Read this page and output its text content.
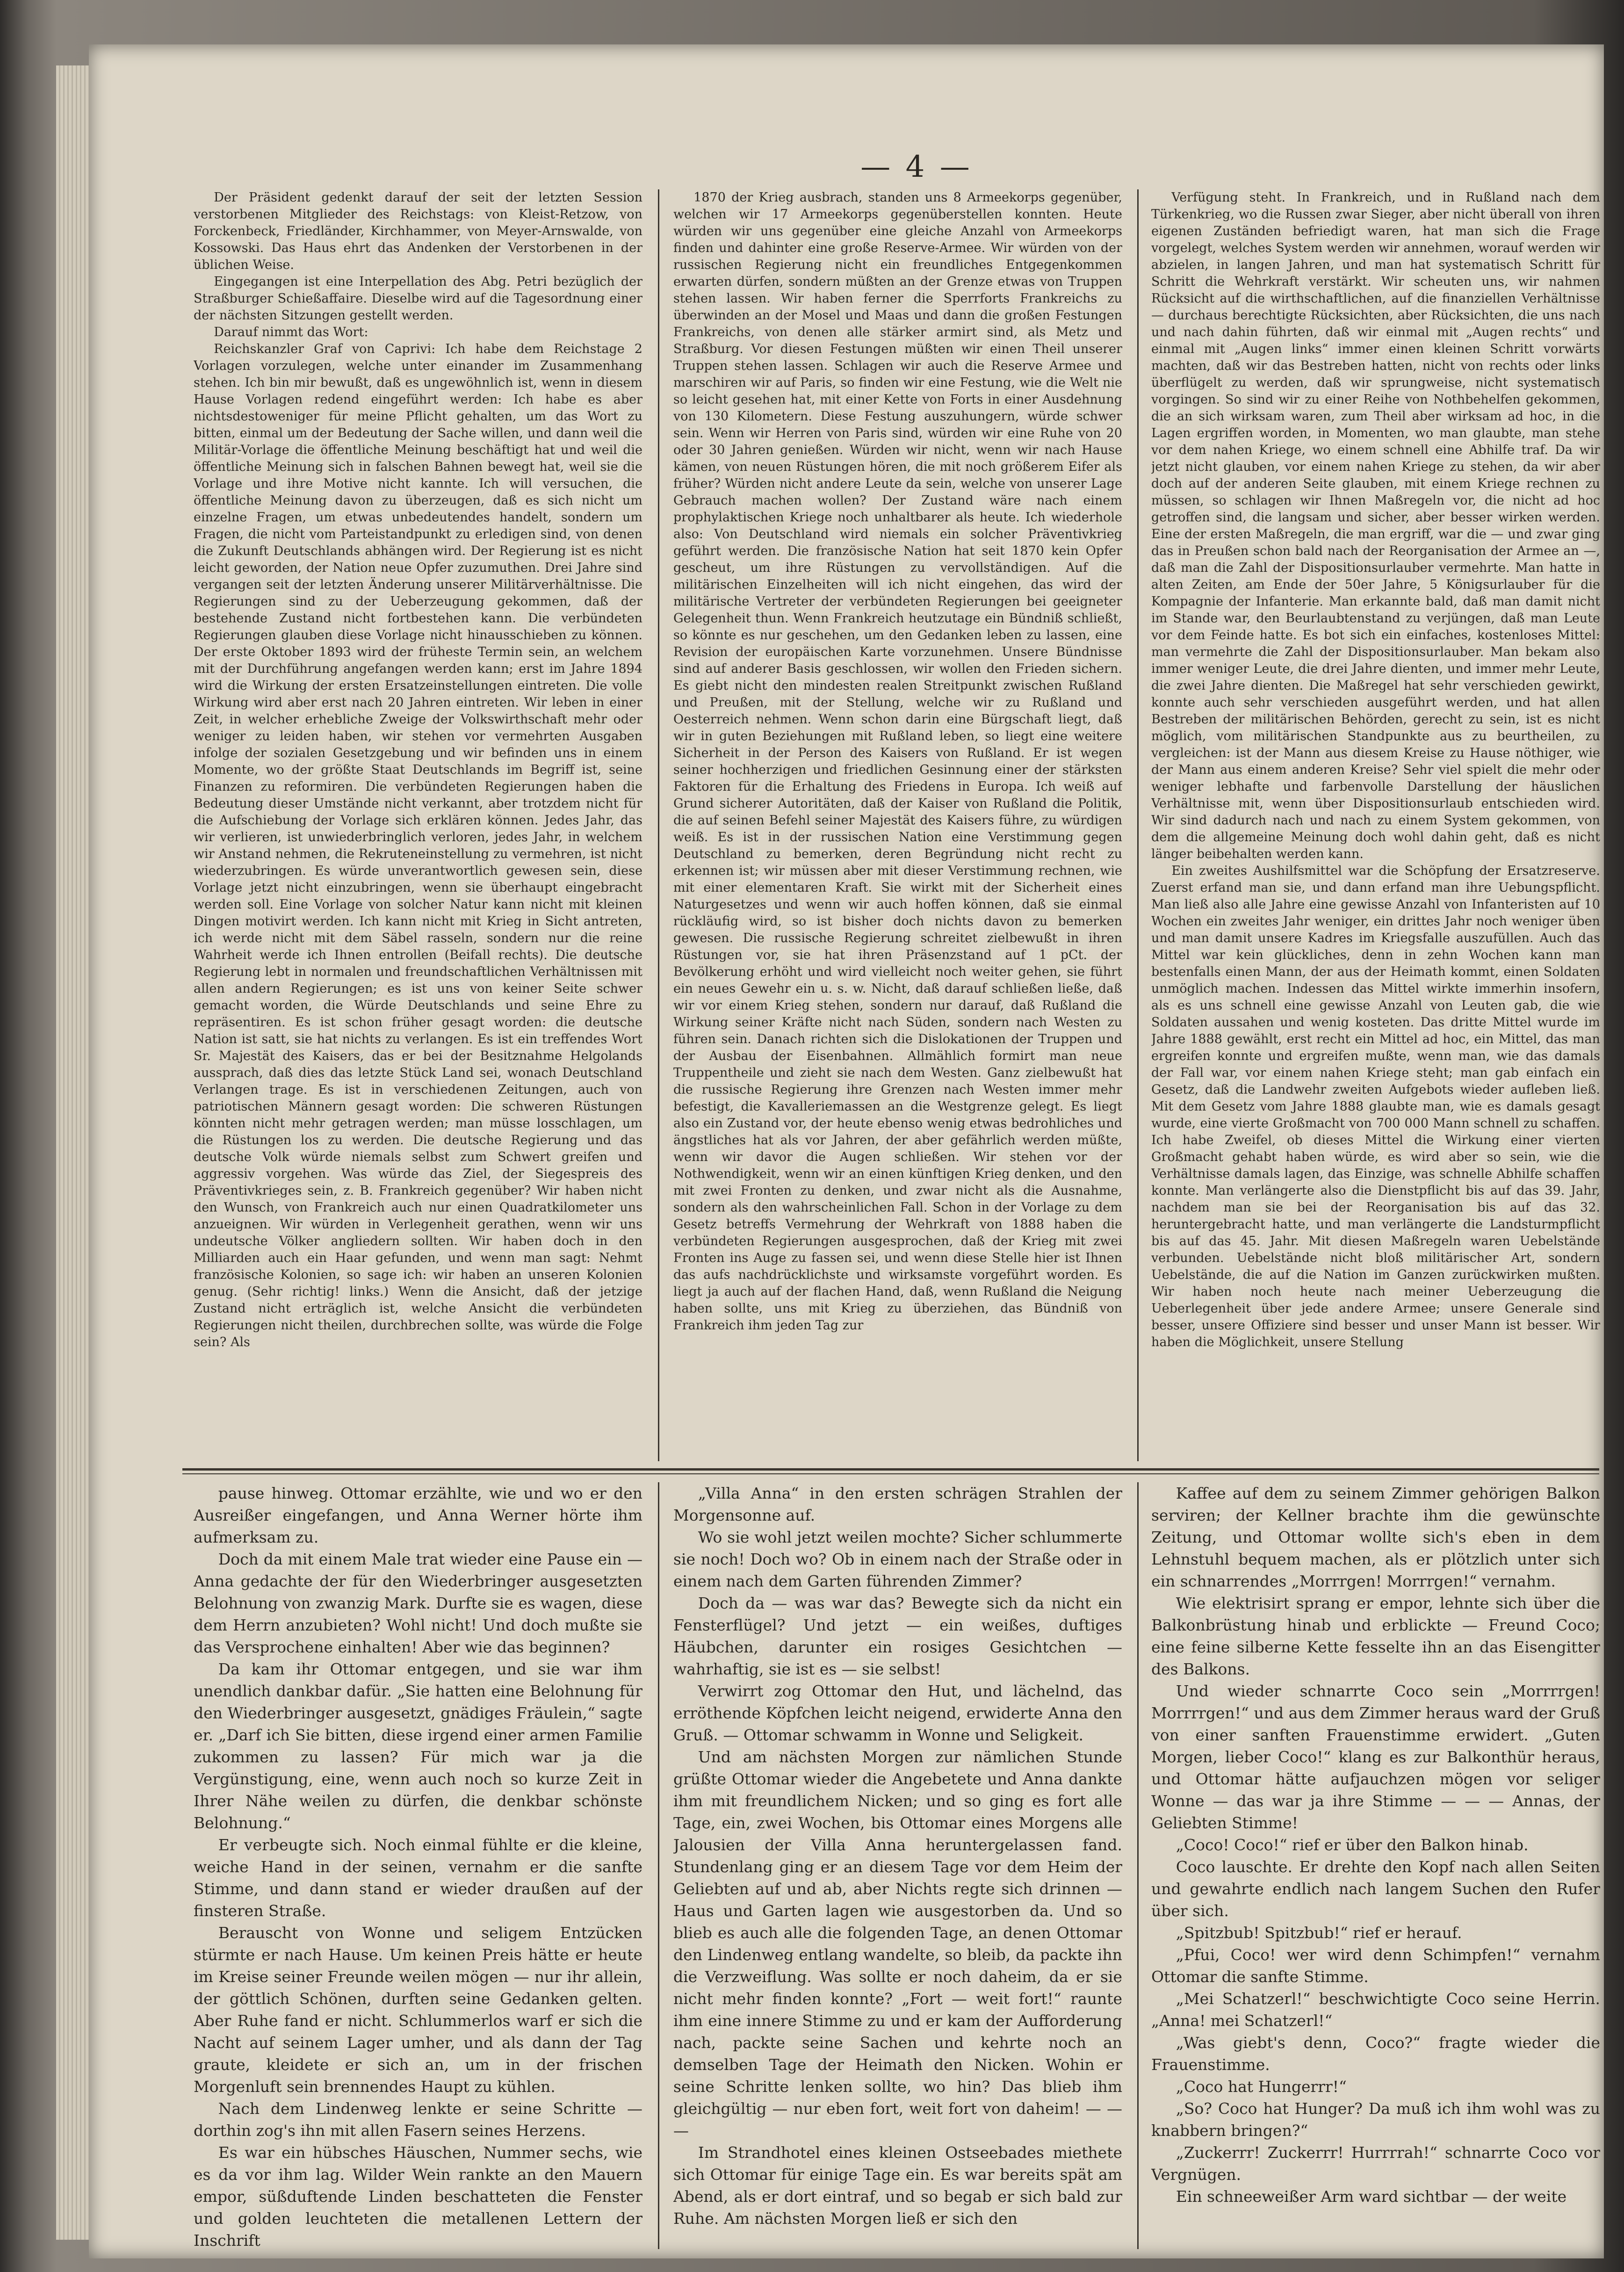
— 4 —

Der Präsident gedenkt darauf der seit der letzten Session verstorbenen Mitglieder des Reichstags: von Kleist-Retzow, von Forckenbeck, Friedländer, Kirchhammer, von Meyer-Arnswalde, von Kossowski. Das Haus ehrt das Andenken der Verstorbenen in der üblichen Weise.

Eingegangen ist eine Interpellation des Abg. Petri bezüglich der Straßburger Schießaffaire. Dieselbe wird auf die Tagesordnung einer der nächsten Sitzungen gestellt werden.

Darauf nimmt das Wort:

Reichskanzler Graf von Caprivi: Ich habe dem Reichstage 2 Vorlagen vorzulegen, welche unter einander im Zusammenhang stehen. Ich bin mir bewußt, daß es ungewöhnlich ist, wenn in diesem Hause Vorlagen redend eingeführt werden: Ich habe es aber nichtsdestoweniger für meine Pflicht gehalten, um das Wort zu bitten, einmal um der Bedeutung der Sache willen, und dann weil die Militär-Vorlage die öffentliche Meinung beschäftigt hat und weil die öffentliche Meinung sich in falschen Bahnen bewegt hat, weil sie die Vorlage und ihre Motive nicht kannte. Ich will versuchen, die öffentliche Meinung davon zu überzeugen, daß es sich nicht um einzelne Fragen, um etwas unbedeutendes handelt, sondern um Fragen, die nicht vom Parteistandpunkt zu erledigen sind, von denen die Zukunft Deutschlands abhängen wird. Der Regierung ist es nicht leicht geworden, der Nation neue Opfer zuzumuthen. Drei Jahre sind vergangen seit der letzten Änderung unserer Militärverhältnisse. Die Regierungen sind zu der Ueberzeugung gekommen, daß der bestehende Zustand nicht fortbestehen kann. Die verbündeten Regierungen glauben diese Vorlage nicht hinausschieben zu können. Der erste Oktober 1893 wird der früheste Termin sein, an welchem mit der Durchführung angefangen werden kann; erst im Jahre 1894 wird die Wirkung der ersten Ersatzeinstellungen eintreten. Die volle Wirkung wird aber erst nach 20 Jahren eintreten. Wir leben in einer Zeit, in welcher erhebliche Zweige der Volkswirthschaft mehr oder weniger zu leiden haben, wir stehen vor vermehrten Ausgaben infolge der sozialen Gesetzgebung und wir befinden uns in einem Momente, wo der größte Staat Deutschlands im Begriff ist, seine Finanzen zu reformiren. Die verbündeten Regierungen haben die Bedeutung dieser Umstände nicht verkannt, aber trotzdem nicht für die Aufschiebung der Vorlage sich erklären können. Jedes Jahr, das wir verlieren, ist unwiederbringlich verloren, jedes Jahr, in welchem wir Anstand nehmen, die Rekruteneinstellung zu vermehren, ist nicht wiederzubringen. Es würde unverantwortlich gewesen sein, diese Vorlage jetzt nicht einzubringen, wenn sie überhaupt eingebracht werden soll. Eine Vorlage von solcher Natur kann nicht mit kleinen Dingen motivirt werden. Ich kann nicht mit Krieg in Sicht antreten, ich werde nicht mit dem Säbel rasseln, sondern nur die reine Wahrheit werde ich Ihnen entrollen (Beifall rechts). Die deutsche Regierung lebt in normalen und freundschaftlichen Verhältnissen mit allen andern Regierungen; es ist uns von keiner Seite schwer gemacht worden, die Würde Deutschlands und seine Ehre zu repräsentiren. Es ist schon früher gesagt worden: die deutsche Nation ist satt, sie hat nichts zu verlangen. Es ist ein treffendes Wort Sr. Majestät des Kaisers, das er bei der Besitznahme Helgolands aussprach, daß dies das letzte Stück Land sei, wonach Deutschland Verlangen trage. Es ist in verschiedenen Zeitungen, auch von patriotischen Männern gesagt worden: Die schweren Rüstungen könnten nicht mehr getragen werden; man müsse losschlagen, um die Rüstungen los zu werden. Die deutsche Regierung und das deutsche Volk würde niemals selbst zum Schwert greifen und aggressiv vorgehen. Was würde das Ziel, der Siegespreis des Präventivkrieges sein, z. B. Frankreich gegenüber? Wir haben nicht den Wunsch, von Frankreich auch nur einen Quadratkilometer uns anzueignen. Wir würden in Verlegenheit gerathen, wenn wir uns undeutsche Völker angliedern sollten. Wir haben doch in den Milliarden auch ein Haar gefunden, und wenn man sagt: Nehmt französische Kolonien, so sage ich: wir haben an unseren Kolonien genug. (Sehr richtig! links.) Wenn die Ansicht, daß der jetzige Zustand nicht erträglich ist, welche Ansicht die verbündeten Regierungen nicht theilen, durchbrechen sollte, was würde die Folge sein? Als

1870 der Krieg ausbrach, standen uns 8 Armeekorps gegenüber, welchen wir 17 Armeekorps gegenüberstellen konnten. Heute würden wir uns gegenüber eine gleiche Anzahl von Armeekorps finden und dahinter eine große Reserve-Armee. Wir würden von der russischen Regierung nicht ein freundliches Entgegenkommen erwarten dürfen, sondern müßten an der Grenze etwas von Truppen stehen lassen. Wir haben ferner die Sperrforts Frankreichs zu überwinden an der Mosel und Maas und dann die großen Festungen Frankreichs, von denen alle stärker armirt sind, als Metz und Straßburg. Vor diesen Festungen müßten wir einen Theil unserer Truppen stehen lassen. Schlagen wir auch die Reserve Armee und marschiren wir auf Paris, so finden wir eine Festung, wie die Welt nie so leicht gesehen hat, mit einer Kette von Forts in einer Ausdehnung von 130 Kilometern. Diese Festung auszuhungern, würde schwer sein. Wenn wir Herren von Paris sind, würden wir eine Ruhe von 20 oder 30 Jahren genießen. Würden wir nicht, wenn wir nach Hause kämen, von neuen Rüstungen hören, die mit noch größerem Eifer als früher? Würden nicht andere Leute da sein, welche von unserer Lage Gebrauch machen wollen? Der Zustand wäre nach einem prophylaktischen Kriege noch unhaltbarer als heute. Ich wiederhole also: Von Deutschland wird niemals ein solcher Präventivkrieg geführt werden. Die französische Nation hat seit 1870 kein Opfer gescheut, um ihre Rüstungen zu vervollständigen. Auf die militärischen Einzelheiten will ich nicht eingehen, das wird der militärische Vertreter der verbündeten Regierungen bei geeigneter Gelegenheit thun. Wenn Frankreich heutzutage ein Bündniß schließt, so könnte es nur geschehen, um den Gedanken leben zu lassen, eine Revision der europäischen Karte vorzunehmen. Unsere Bündnisse sind auf anderer Basis geschlossen, wir wollen den Frieden sichern. Es giebt nicht den mindesten realen Streitpunkt zwischen Rußland und Preußen, mit der Stellung, welche wir zu Rußland und Oesterreich nehmen. Wenn schon darin eine Bürgschaft liegt, daß wir in guten Beziehungen mit Rußland leben, so liegt eine weitere Sicherheit in der Person des Kaisers von Rußland. Er ist wegen seiner hochherzigen und friedlichen Gesinnung einer der stärksten Faktoren für die Erhaltung des Friedens in Europa. Ich weiß auf Grund sicherer Autoritäten, daß der Kaiser von Rußland die Politik, die auf seinen Befehl seiner Majestät des Kaisers führe, zu würdigen weiß. Es ist in der russischen Nation eine Verstimmung gegen Deutschland zu bemerken, deren Begründung nicht recht zu erkennen ist; wir müssen aber mit dieser Verstimmung rechnen, wie mit einer elementaren Kraft. Sie wirkt mit der Sicherheit eines Naturgesetzes und wenn wir auch hoffen können, daß sie einmal rückläufig wird, so ist bisher doch nichts davon zu bemerken gewesen. Die russische Regierung schreitet zielbewußt in ihren Rüstungen vor, sie hat ihren Präsenzstand auf 1 pCt. der Bevölkerung erhöht und wird vielleicht noch weiter gehen, sie führt ein neues Gewehr ein u. s. w. Nicht, daß darauf schließen ließe, daß wir vor einem Krieg stehen, sondern nur darauf, daß Rußland die Wirkung seiner Kräfte nicht nach Süden, sondern nach Westen zu führen sein. Danach richten sich die Dislokationen der Truppen und der Ausbau der Eisenbahnen. Allmählich formirt man neue Truppentheile und zieht sie nach dem Westen. Ganz zielbewußt hat die russische Regierung ihre Grenzen nach Westen immer mehr befestigt, die Kavalleriemassen an die Westgrenze gelegt. Es liegt also ein Zustand vor, der heute ebenso wenig etwas bedrohliches und ängstliches hat als vor Jahren, der aber gefährlich werden müßte, wenn wir davor die Augen schließen. Wir stehen vor der Nothwendigkeit, wenn wir an einen künftigen Krieg denken, und den mit zwei Fronten zu denken, und zwar nicht als die Ausnahme, sondern als den wahrscheinlichen Fall. Schon in der Vorlage zu dem Gesetz betreffs Vermehrung der Wehrkraft von 1888 haben die verbündeten Regierungen ausgesprochen, daß der Krieg mit zwei Fronten ins Auge zu fassen sei, und wenn diese Stelle hier ist Ihnen das aufs nachdrücklichste und wirksamste vorgeführt worden. Es liegt ja auch auf der flachen Hand, daß, wenn Rußland die Neigung haben sollte, uns mit Krieg zu überziehen, das Bündniß von Frankreich ihm jeden Tag zur

Verfügung steht. In Frankreich, und in Rußland nach dem Türkenkrieg, wo die Russen zwar Sieger, aber nicht überall von ihren eigenen Zuständen befriedigt waren, hat man sich die Frage vorgelegt, welches System werden wir annehmen, worauf werden wir abzielen, in langen Jahren, und man hat systematisch Schritt für Schritt die Wehrkraft verstärkt. Wir scheuten uns, wir nahmen Rücksicht auf die wirthschaftlichen, auf die finanziellen Verhältnisse — durchaus berechtigte Rücksichten, aber Rücksichten, die uns nach und nach dahin führten, daß wir einmal mit „Augen rechts“ und einmal mit „Augen links“ immer einen kleinen Schritt vorwärts machten, daß wir das Bestreben hatten, nicht von rechts oder links überflügelt zu werden, daß wir sprungweise, nicht systematisch vorgingen. So sind wir zu einer Reihe von Nothbehelfen gekommen, die an sich wirksam waren, zum Theil aber wirksam ad hoc, in die Lagen ergriffen worden, in Momenten, wo man glaubte, man stehe vor dem nahen Kriege, wo einem schnell eine Abhilfe traf. Da wir jetzt nicht glauben, vor einem nahen Kriege zu stehen, da wir aber doch auf der anderen Seite glauben, mit einem Kriege rechnen zu müssen, so schlagen wir Ihnen Maßregeln vor, die nicht ad hoc getroffen sind, die langsam und sicher, aber besser wirken werden. Eine der ersten Maßregeln, die man ergriff, war die — und zwar ging das in Preußen schon bald nach der Reorganisation der Armee an —, daß man die Zahl der Dispositionsurlauber vermehrte. Man hatte in alten Zeiten, am Ende der 50er Jahre, 5 Königsurlauber für die Kompagnie der Infanterie. Man erkannte bald, daß man damit nicht im Stande war, den Beurlaubtenstand zu verjüngen, daß man Leute vor dem Feinde hatte. Es bot sich ein einfaches, kostenloses Mittel: man vermehrte die Zahl der Dispositionsurlauber. Man bekam also immer weniger Leute, die drei Jahre dienten, und immer mehr Leute, die zwei Jahre dienten. Die Maßregel hat sehr verschieden gewirkt, konnte auch sehr verschieden ausgeführt werden, und hat allen Bestreben der militärischen Behörden, gerecht zu sein, ist es nicht möglich, vom militärischen Standpunkte aus zu beurtheilen, zu vergleichen: ist der Mann aus diesem Kreise zu Hause nöthiger, wie der Mann aus einem anderen Kreise? Sehr viel spielt die mehr oder weniger lebhafte und farbenvolle Darstellung der häuslichen Verhältnisse mit, wenn über Dispositionsurlaub entschieden wird. Wir sind dadurch nach und nach zu einem System gekommen, von dem die allgemeine Meinung doch wohl dahin geht, daß es nicht länger beibehalten werden kann.

Ein zweites Aushilfsmittel war die Schöpfung der Ersatzreserve. Zuerst erfand man sie, und dann erfand man ihre Uebungspflicht. Man ließ also alle Jahre eine gewisse Anzahl von Infanteristen auf 10 Wochen ein zweites Jahr weniger, ein drittes Jahr noch weniger üben und man damit unsere Kadres im Kriegsfalle auszufüllen. Auch das Mittel war kein glückliches, denn in zehn Wochen kann man bestenfalls einen Mann, der aus der Heimath kommt, einen Soldaten unmöglich machen. Indessen das Mittel wirkte immerhin insofern, als es uns schnell eine gewisse Anzahl von Leuten gab, die wie Soldaten aussahen und wenig kosteten. Das dritte Mittel wurde im Jahre 1888 gewählt, erst recht ein Mittel ad hoc, ein Mittel, das man ergreifen konnte und ergreifen mußte, wenn man, wie das damals der Fall war, vor einem nahen Kriege steht; man gab einfach ein Gesetz, daß die Landwehr zweiten Aufgebots wieder aufleben ließ. Mit dem Gesetz vom Jahre 1888 glaubte man, wie es damals gesagt wurde, eine vierte Großmacht von 700 000 Mann schnell zu schaffen. Ich habe Zweifel, ob dieses Mittel die Wirkung einer vierten Großmacht gehabt haben würde, es wird aber so sein, wie die Verhältnisse damals lagen, das Einzige, was schnelle Abhilfe schaffen konnte. Man verlängerte also die Dienstpflicht bis auf das 39. Jahr, nachdem man sie bei der Reorganisation bis auf das 32. heruntergebracht hatte, und man verlängerte die Landsturmpflicht bis auf das 45. Jahr. Mit diesen Maßregeln waren Uebelstände verbunden. Uebelstände nicht bloß militärischer Art, sondern Uebelstände, die auf die Nation im Ganzen zurückwirken mußten. Wir haben noch heute nach meiner Ueberzeugung die Ueberlegenheit über jede andere Armee; unsere Generale sind besser, unsere Offiziere sind besser und unser Mann ist besser. Wir haben die Möglichkeit, unsere Stellung

pause hinweg. Ottomar erzählte, wie und wo er den Ausreißer eingefangen, und Anna Werner hörte ihm aufmerksam zu.

Doch da mit einem Male trat wieder eine Pause ein — Anna gedachte der für den Wiederbringer ausgesetzten Belohnung von zwanzig Mark. Durfte sie es wagen, diese dem Herrn anzubieten? Wohl nicht! Und doch mußte sie das Versprochene einhalten! Aber wie das beginnen?

Da kam ihr Ottomar entgegen, und sie war ihm unendlich dankbar dafür. „Sie hatten eine Belohnung für den Wiederbringer ausgesetzt, gnädiges Fräulein,“ sagte er. „Darf ich Sie bitten, diese irgend einer armen Familie zukommen zu lassen? Für mich war ja die Vergünstigung, eine, wenn auch noch so kurze Zeit in Ihrer Nähe weilen zu dürfen, die denkbar schönste Belohnung.“

Er verbeugte sich. Noch einmal fühlte er die kleine, weiche Hand in der seinen, vernahm er die sanfte Stimme, und dann stand er wieder draußen auf der finsteren Straße.

Berauscht von Wonne und seligem Entzücken stürmte er nach Hause. Um keinen Preis hätte er heute im Kreise seiner Freunde weilen mögen — nur ihr allein, der göttlich Schönen, durften seine Gedanken gelten. Aber Ruhe fand er nicht. Schlummerlos warf er sich die Nacht auf seinem Lager umher, und als dann der Tag graute, kleidete er sich an, um in der frischen Morgenluft sein brennendes Haupt zu kühlen.

Nach dem Lindenweg lenkte er seine Schritte — dorthin zog's ihn mit allen Fasern seines Herzens.

Es war ein hübsches Häuschen, Nummer sechs, wie es da vor ihm lag. Wilder Wein rankte an den Mauern empor, süßduftende Linden beschatteten die Fenster und golden leuchteten die metallenen Lettern der Inschrift

„Villa Anna“ in den ersten schrägen Strahlen der Morgensonne auf.

Wo sie wohl jetzt weilen mochte? Sicher schlummerte sie noch! Doch wo? Ob in einem nach der Straße oder in einem nach dem Garten führenden Zimmer?

Doch da — was war das? Bewegte sich da nicht ein Fensterflügel? Und jetzt — ein weißes, duftiges Häubchen, darunter ein rosiges Gesichtchen — wahrhaftig, sie ist es — sie selbst!

Verwirrt zog Ottomar den Hut, und lächelnd, das erröthende Köpfchen leicht neigend, erwiderte Anna den Gruß. — Ottomar schwamm in Wonne und Seligkeit.

Und am nächsten Morgen zur nämlichen Stunde grüßte Ottomar wieder die Angebetete und Anna dankte ihm mit freundlichem Nicken; und so ging es fort alle Tage, ein, zwei Wochen, bis Ottomar eines Morgens alle Jalousien der Villa Anna heruntergelassen fand. Stundenlang ging er an diesem Tage vor dem Heim der Geliebten auf und ab, aber Nichts regte sich drinnen — Haus und Garten lagen wie ausgestorben da. Und so blieb es auch alle die folgenden Tage, an denen Ottomar den Lindenweg entlang wandelte, so bleib, da packte ihn die Verzweiflung. Was sollte er noch daheim, da er sie nicht mehr finden konnte? „Fort — weit fort!“ raunte ihm eine innere Stimme zu und er kam der Aufforderung nach, packte seine Sachen und kehrte noch an demselben Tage der Heimath den Nicken. Wohin er seine Schritte lenken sollte, wo hin? Das blieb ihm gleichgültig — nur eben fort, weit fort von daheim! — — —

Im Strandhotel eines kleinen Ostseebades miethete sich Ottomar für einige Tage ein. Es war bereits spät am Abend, als er dort eintraf, und so begab er sich bald zur Ruhe. Am nächsten Morgen ließ er sich den

Kaffee auf dem zu seinem Zimmer gehörigen Balkon serviren; der Kellner brachte ihm die gewünschte Zeitung, und Ottomar wollte sich's eben in dem Lehnstuhl bequem machen, als er plötzlich unter sich ein schnarrendes „Morrrgen! Morrrgen!“ vernahm.

Wie elektrisirt sprang er empor, lehnte sich über die Balkonbrüstung hinab und erblickte — Freund Coco; eine feine silberne Kette fesselte ihn an das Eisengitter des Balkons.

Und wieder schnarrte Coco sein „Morrrrgen! Morrrrgen!“ und aus dem Zimmer heraus ward der Gruß von einer sanften Frauenstimme erwidert. „Guten Morgen, lieber Coco!“ klang es zur Balkonthür heraus, und Ottomar hätte aufjauchzen mögen vor seliger Wonne — das war ja ihre Stimme — — — Annas, der Geliebten Stimme!

„Coco! Coco!“ rief er über den Balkon hinab.

Coco lauschte. Er drehte den Kopf nach allen Seiten und gewahrte endlich nach langem Suchen den Rufer über sich.

„Spitzbub! Spitzbub!“ rief er herauf.

„Pfui, Coco! wer wird denn Schimpfen!“ vernahm Ottomar die sanfte Stimme.

„Mei Schatzerl!“ beschwichtigte Coco seine Herrin. „Anna! mei Schatzerl!“

„Was giebt's denn, Coco?“ fragte wieder die Frauenstimme.

„Coco hat Hungerrr!“

„So? Coco hat Hunger? Da muß ich ihm wohl was zu knabbern bringen?“

„Zuckerrr! Zuckerrr! Hurrrrah!“ schnarrte Coco vor Vergnügen.

Ein schneeweißer Arm ward sichtbar — der weite
